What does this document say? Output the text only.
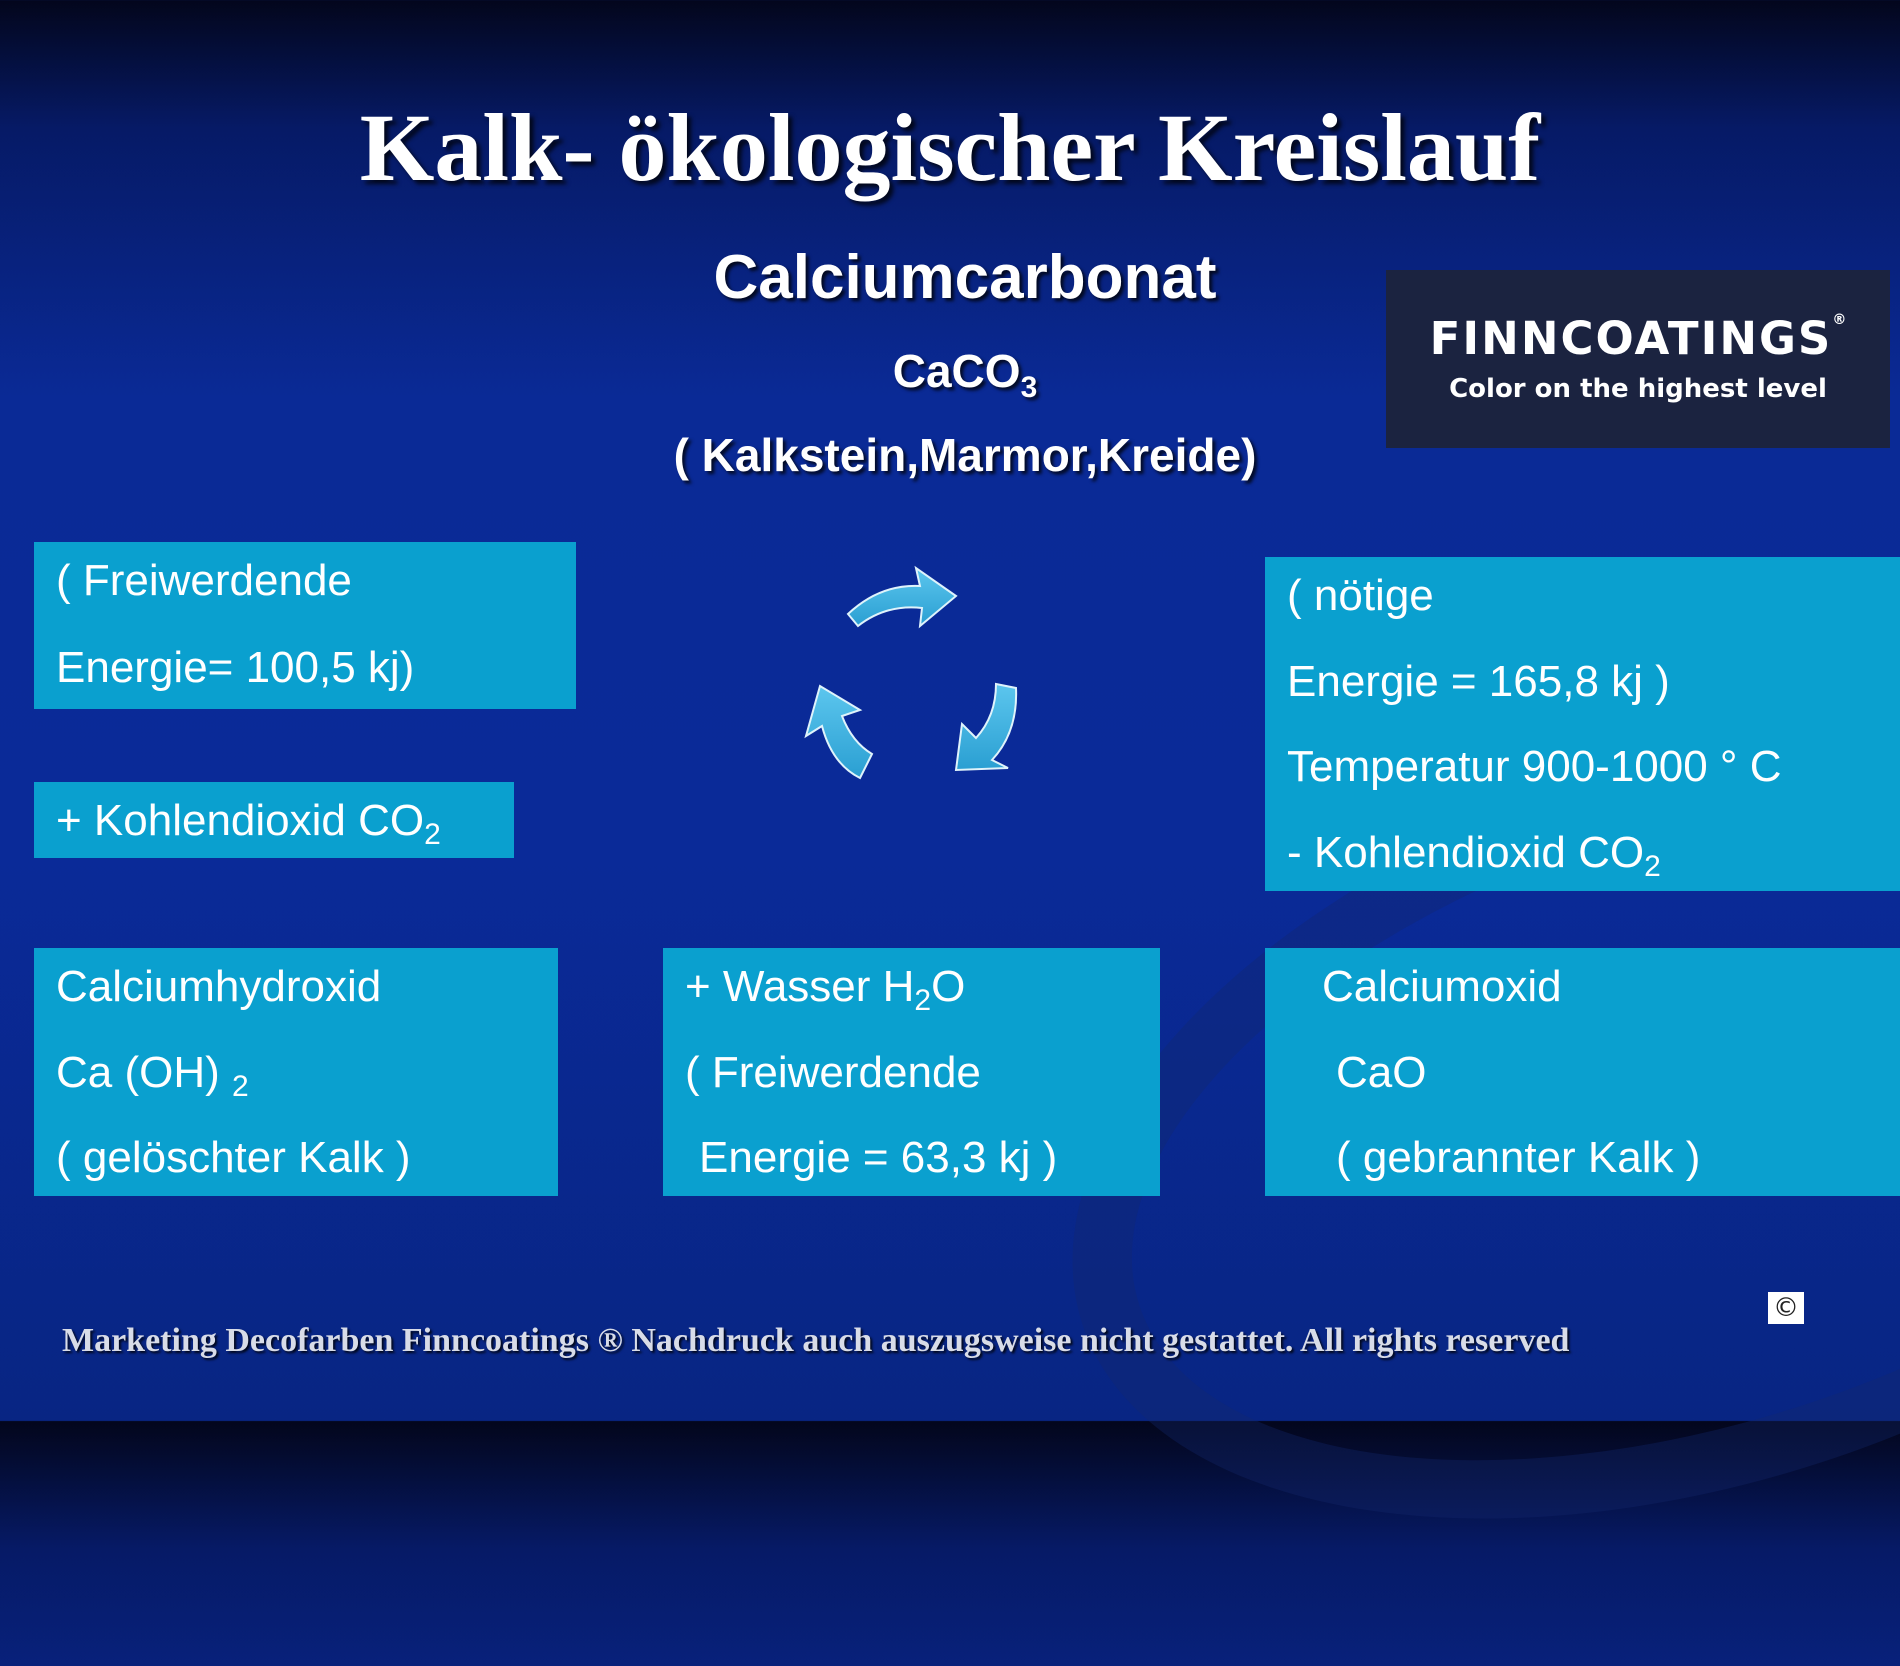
Kalk- ökologischer Kreislauf
Calciumcarbonat
CaCO$_3$
( Kalkstein,Marmor,Kreide)
FINNCOATINGS®
Color on the highest level
( Freiwerdende
Energie= 100,5 kj)
+ Kohlendioxid $CO_2$
( nötige
Energie = 165,8 kj )
Temperatur 900-1000 ° C
- Kohlendioxid $CO_2$
Calciumhydroxid
Ca (OH) $_2$
( gelöschter Kalk )
+ Wasser $H_2O$
( Freiwerdende
Energie = 63,3 kj )
Calciumoxid
CaO
( gebrannter Kalk )
Marketing Decofarben Finncoatings ® Nachdruck auch auszugsweise nicht gestattet. All rights reserved
©
